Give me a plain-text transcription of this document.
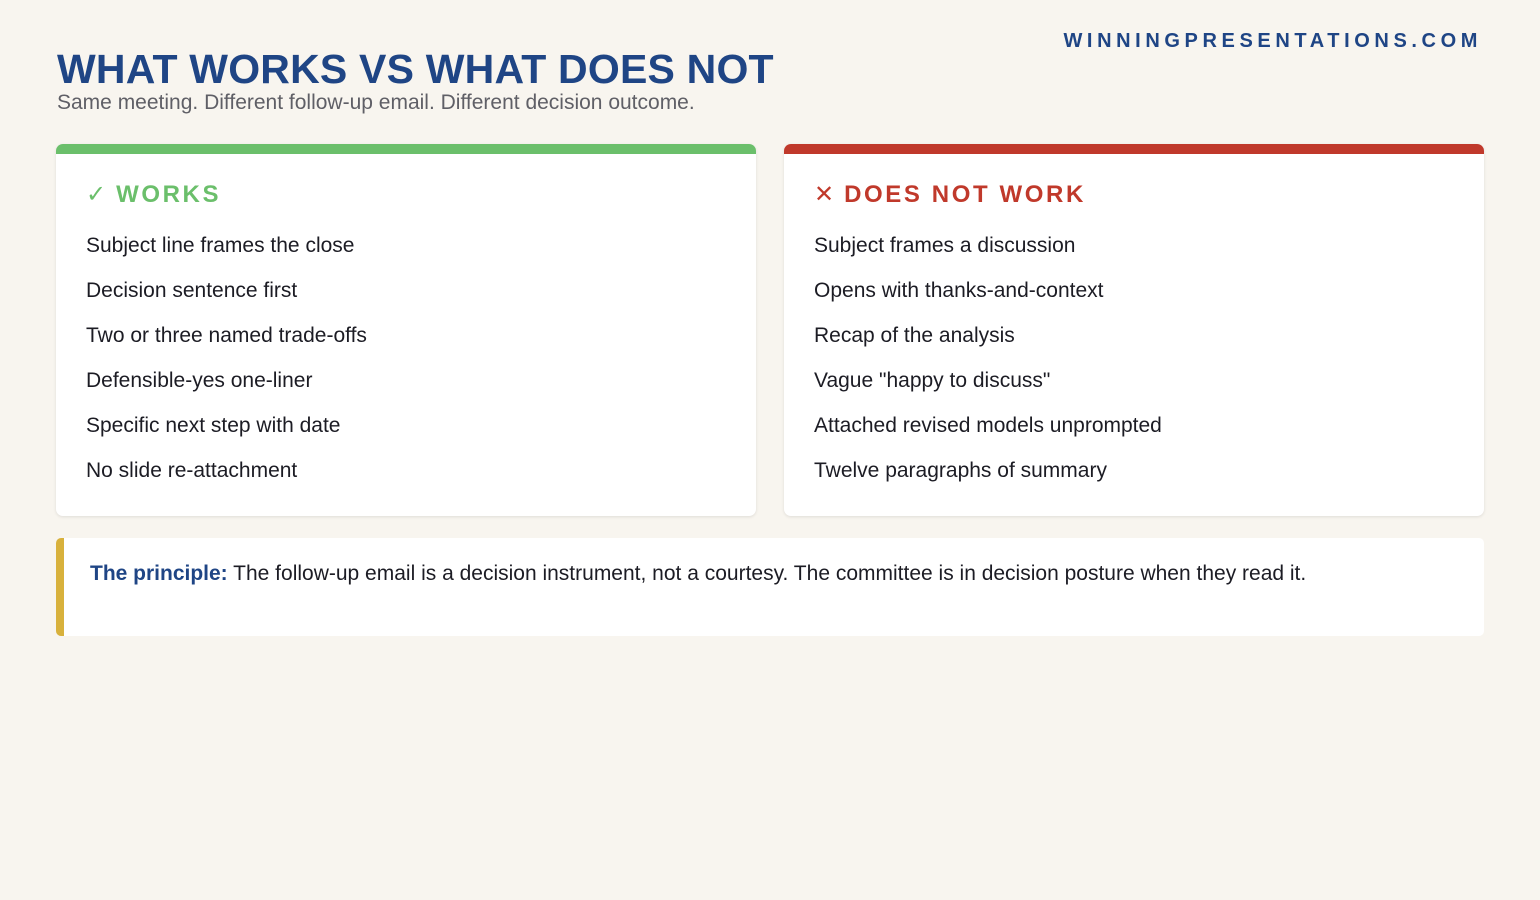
WINNINGPRESENTATIONS.COM
WHAT WORKS VS WHAT DOES NOT
Same meeting. Different follow-up email. Different decision outcome.
✓ WORKS
Subject line frames the close
Decision sentence first
Two or three named trade-offs
Defensible-yes one-liner
Specific next step with date
No slide re-attachment
✕ DOES NOT WORK
Subject frames a discussion
Opens with thanks-and-context
Recap of the analysis
Vague "happy to discuss"
Attached revised models unprompted
Twelve paragraphs of summary
The principle: The follow-up email is a decision instrument, not a courtesy. The committee is in decision posture when they read it.
